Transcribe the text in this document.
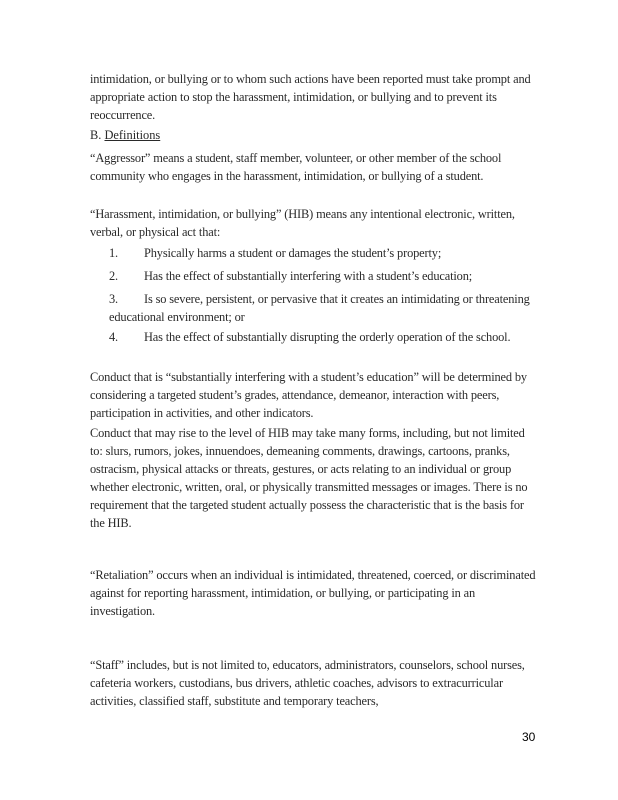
intimidation, or bullying or to whom such actions have been reported must take prompt and appropriate action to stop the harassment, intimidation, or bullying and to prevent its reoccurrence.

B. Definitions

“Aggressor” means a student, staff member, volunteer, or other member of the school community who engages in the harassment, intimidation, or bullying of a student.

“Harassment, intimidation, or bullying” (HIB) means any intentional electronic, written, verbal, or physical act that:

1. Physically harms a student or damages the student’s property;
2. Has the effect of substantially interfering with a student’s education;
3. Is so severe, persistent, or pervasive that it creates an intimidating or threatening educational environment; or
4. Has the effect of substantially disrupting the orderly operation of the school.

Conduct that is “substantially interfering with a student’s education” will be determined by considering a targeted student’s grades, attendance, demeanor, interaction with peers, participation in activities, and other indicators.

Conduct that may rise to the level of HIB may take many forms, including, but not limited to: slurs, rumors, jokes, innuendoes, demeaning comments, drawings, cartoons, pranks, ostracism, physical attacks or threats, gestures, or acts relating to an individual or group whether electronic, written, oral, or physically transmitted messages or images. There is no requirement that the targeted student actually possess the characteristic that is the basis for the HIB.

“Retaliation” occurs when an individual is intimidated, threatened, coerced, or discriminated against for reporting harassment, intimidation, or bullying, or participating in an investigation.

“Staff” includes, but is not limited to, educators, administrators, counselors, school nurses, cafeteria workers, custodians, bus drivers, athletic coaches, advisors to extracurricular activities, classified staff, substitute and temporary teachers,

30
